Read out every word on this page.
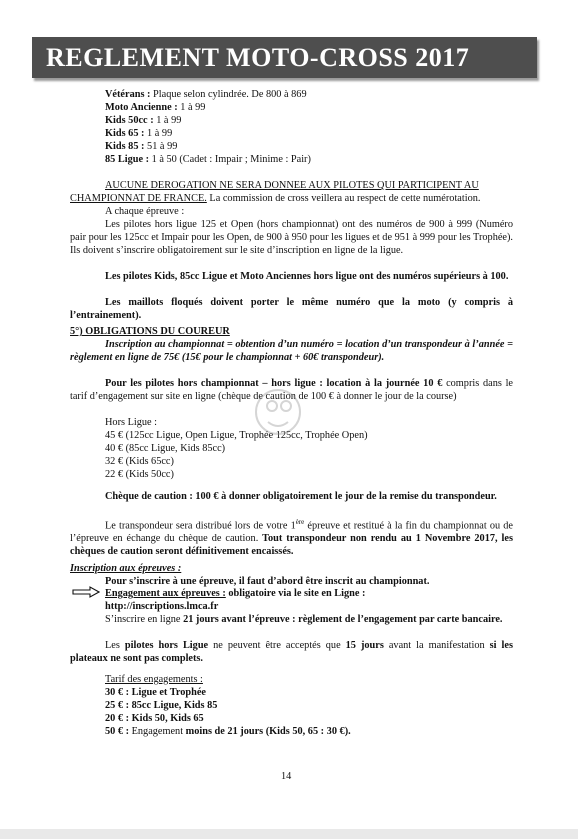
REGLEMENT MOTO-CROSS 2017
Vétérans : Plaque selon cylindrée. De 800 à 869
Moto Ancienne : 1 à 99
Kids 50cc : 1 à 99
Kids 65 : 1 à 99
Kids 85 : 51 à 99
85 Ligue : 1 à 50 (Cadet : Impair ; Minime : Pair)
AUCUNE DEROGATION NE SERA DONNEE AUX PILOTES QUI PARTICIPENT AU
CHAMPIONNAT DE FRANCE. La commission de cross veillera au respect de cette numérotation.
A chaque épreuve :
Les pilotes hors ligue 125 et Open (hors championnat) ont des numéros de 900 à 999 (Numéro pair pour les 125cc et Impair pour les Open, de 900 à 950 pour les ligues et de 951 à 999 pour les Trophée). Ils doivent s’inscrire obligatoirement sur le site d’inscription en ligne de la ligue.
Les pilotes Kids, 85cc Ligue et Moto Anciennes hors ligue ont des numéros supérieurs à 100.
Les maillots floqués doivent porter le même numéro que la moto (y compris à l’entrainement).
5°) OBLIGATIONS DU COUREUR
Inscription au championnat = obtention d’un numéro = location d’un transpondeur à l’année = règlement en ligne de 75€ (15€ pour le championnat + 60€ transpondeur).
Pour les pilotes hors championnat – hors ligue : location à la journée 10 € compris dans le tarif d’engagement sur site en ligne (chèque de caution de 100 € à donner le jour de la course)
Hors Ligue :
45 € (125cc Ligue, Open Ligue, Trophée 125cc, Trophée Open)
40 € (85cc Ligue, Kids 85cc)
32 € (Kids 65cc)
22 € (Kids 50cc)
Chèque de caution : 100 € à donner obligatoirement le jour de la remise du transpondeur.
Le transpondeur sera distribué lors de votre 1ère épreuve et restitué à la fin du championnat ou de l’épreuve en échange du chèque de caution. Tout transpondeur non rendu au 1 Novembre 2017, les chèques de caution seront définitivement encaissés.
Inscription aux épreuves :
Pour s’inscrire à une épreuve, il faut d’abord être inscrit au championnat.
Engagement aux épreuves : obligatoire via le site en Ligne :
http://inscriptions.lmca.fr
S’inscrire en ligne 21 jours avant l’épreuve : règlement de l’engagement par carte bancaire.
Les pilotes hors Ligue ne peuvent être acceptés que 15 jours avant la manifestation si les plateaux ne sont pas complets.
Tarif des engagements :
30 € : Ligue et Trophée
25 € : 85cc Ligue, Kids 85
20 € : Kids 50, Kids 65
50 € : Engagement moins de 21 jours (Kids 50, 65 : 30 €).
14
